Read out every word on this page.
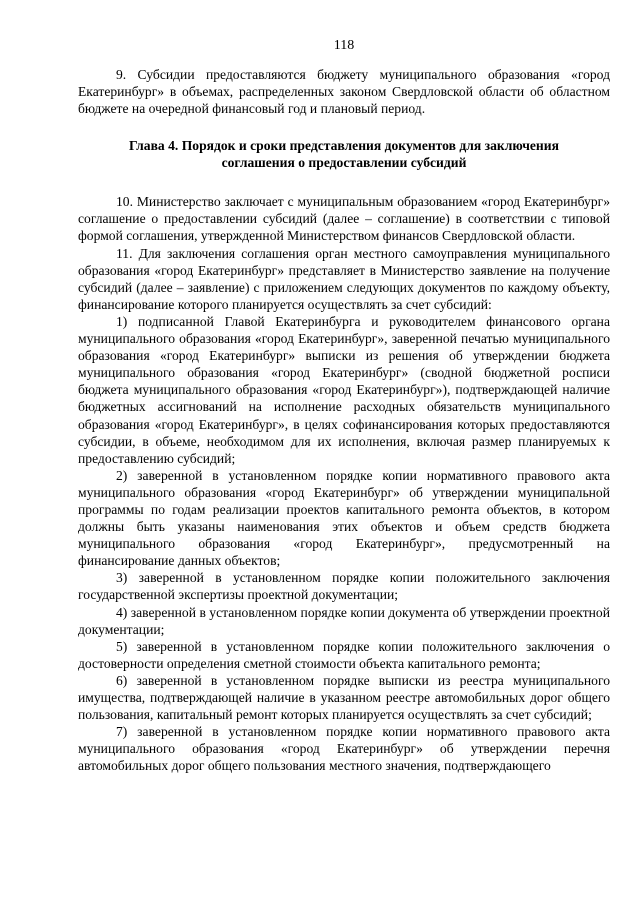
118

9. Субсидии предоставляются бюджету муниципального образования «город Екатеринбург» в объемах, распределенных законом Свердловской области об областном бюджете на очередной финансовый год и плановый период.

Глава 4. Порядок и сроки представления документов для заключения
соглашения о предоставлении субсидий

10. Министерство заключает с муниципальным образованием «город Екатеринбург» соглашение о предоставлении субсидий (далее – соглашение) в соответствии с типовой формой соглашения, утвержденной Министерством финансов Свердловской области.

11. Для заключения соглашения орган местного самоуправления муниципального образования «город Екатеринбург» представляет в Министерство заявление на получение субсидий (далее – заявление) с приложением следующих документов по каждому объекту, финансирование которого планируется осуществлять за счет субсидий:

1) подписанной Главой Екатеринбурга и руководителем финансового органа муниципального образования «город Екатеринбург», заверенной печатью муниципального образования «город Екатеринбург» выписки из решения об утверждении бюджета муниципального образования «город Екатеринбург» (сводной бюджетной росписи бюджета муниципального образования «город Екатеринбург»), подтверждающей наличие бюджетных ассигнований на исполнение расходных обязательств муниципального образования «город Екатеринбург», в целях софинансирования которых предоставляются субсидии, в объеме, необходимом для их исполнения, включая размер планируемых к предоставлению субсидий;

2) заверенной в установленном порядке копии нормативного правового акта муниципального образования «город Екатеринбург» об утверждении муниципальной программы по годам реализации проектов капитального ремонта объектов, в котором должны быть указаны наименования этих объектов и объем средств бюджета муниципального образования «город Екатеринбург», предусмотренный на финансирование данных объектов;

3) заверенной в установленном порядке копии положительного заключения государственной экспертизы проектной документации;

4) заверенной в установленном порядке копии документа об утверждении проектной документации;

5) заверенной в установленном порядке копии положительного заключения о достоверности определения сметной стоимости объекта капитального ремонта;

6) заверенной в установленном порядке выписки из реестра муниципального имущества, подтверждающей наличие в указанном реестре автомобильных дорог общего пользования, капитальный ремонт которых планируется осуществлять за счет субсидий;

7) заверенной в установленном порядке копии нормативного правового акта муниципального образования «город Екатеринбург» об утверждении перечня автомобильных дорог общего пользования местного значения, подтверждающего
